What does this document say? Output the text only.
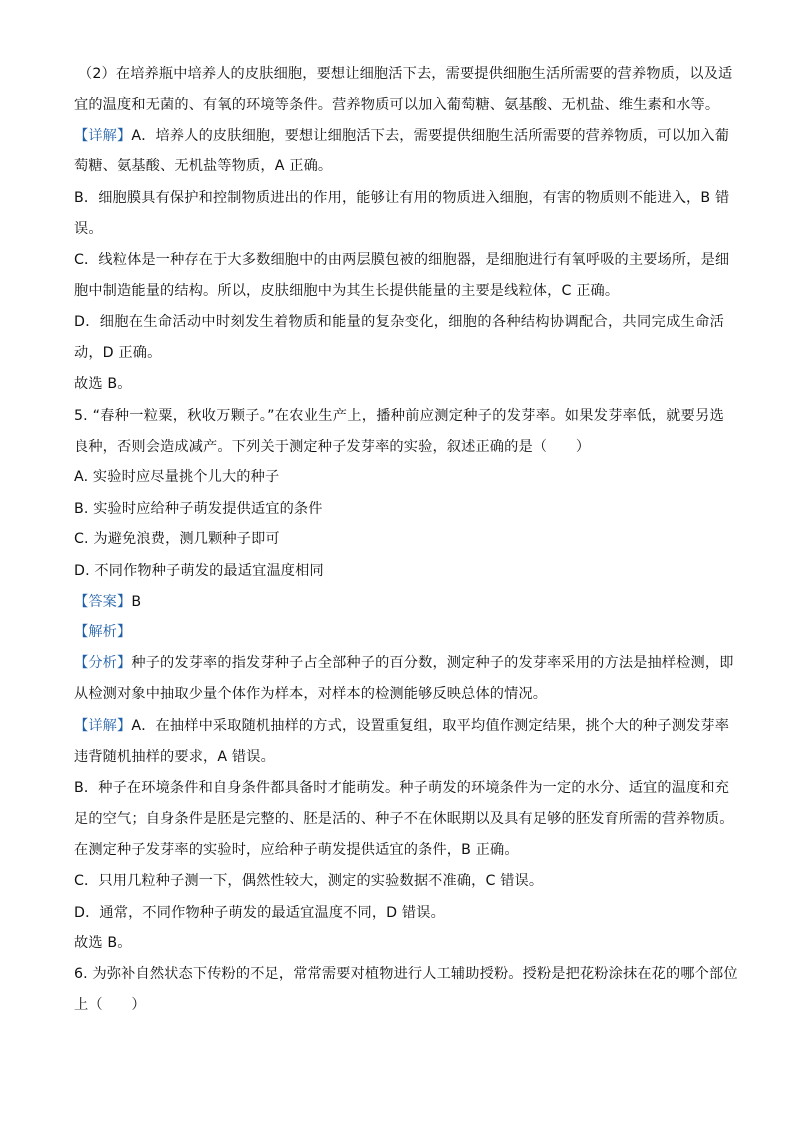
（2）在培养瓶中培养人的皮肤细胞，要想让细胞活下去，需要提供细胞生活所需要的营养物质，以及适
宜的温度和无菌的、有氧的环境等条件。营养物质可以加入葡萄糖、氨基酸、无机盐、维生素和水等。
【详解】A．培养人的皮肤细胞，要想让细胞活下去，需要提供细胞生活所需要的营养物质，可以加入葡
萄糖、氨基酸、无机盐等物质，A 正确。
B．细胞膜具有保护和控制物质进出的作用，能够让有用的物质进入细胞，有害的物质则不能进入，B 错
误。
C．线粒体是一种存在于大多数细胞中的由两层膜包被的细胞器，是细胞进行有氧呼吸的主要场所，是细
胞中制造能量的结构。所以，皮肤细胞中为其生长提供能量的主要是线粒体，C 正确。
D．细胞在生命活动中时刻发生着物质和能量的复杂变化，细胞的各种结构协调配合，共同完成生命活
动，D 正确。
故选 B。
5. “春种一粒粟，秋收万颗子。”在农业生产上，播种前应测定种子的发芽率。如果发芽率低，就要另选
良种，否则会造成减产。下列关于测定种子发芽率的实验，叙述正确的是（　　）
A. 实验时应尽量挑个儿大的种子
B. 实验时应给种子萌发提供适宜的条件
C. 为避免浪费，测几颗种子即可
D. 不同作物种子萌发的最适宜温度相同
【答案】B
【解析】
【分析】种子的发芽率的指发芽种子占全部种子的百分数，测定种子的发芽率采用的方法是抽样检测，即
从检测对象中抽取少量个体作为样本，对样本的检测能够反映总体的情况。
【详解】A．在抽样中采取随机抽样的方式，设置重复组，取平均值作测定结果，挑个大的种子测发芽率
违背随机抽样的要求，A 错误。
B．种子在环境条件和自身条件都具备时才能萌发。种子萌发的环境条件为一定的水分、适宜的温度和充
足的空气；自身条件是胚是完整的、胚是活的、种子不在休眠期以及具有足够的胚发育所需的营养物质。
在测定种子发芽率的实验时，应给种子萌发提供适宜的条件，B 正确。
C．只用几粒种子测一下，偶然性较大，测定的实验数据不准确，C 错误。
D．通常，不同作物种子萌发的最适宜温度不同，D 错误。
故选 B。
6. 为弥补自然状态下传粉的不足，常常需要对植物进行人工辅助授粉。授粉是把花粉涂抹在花的哪个部位
上（　　）
